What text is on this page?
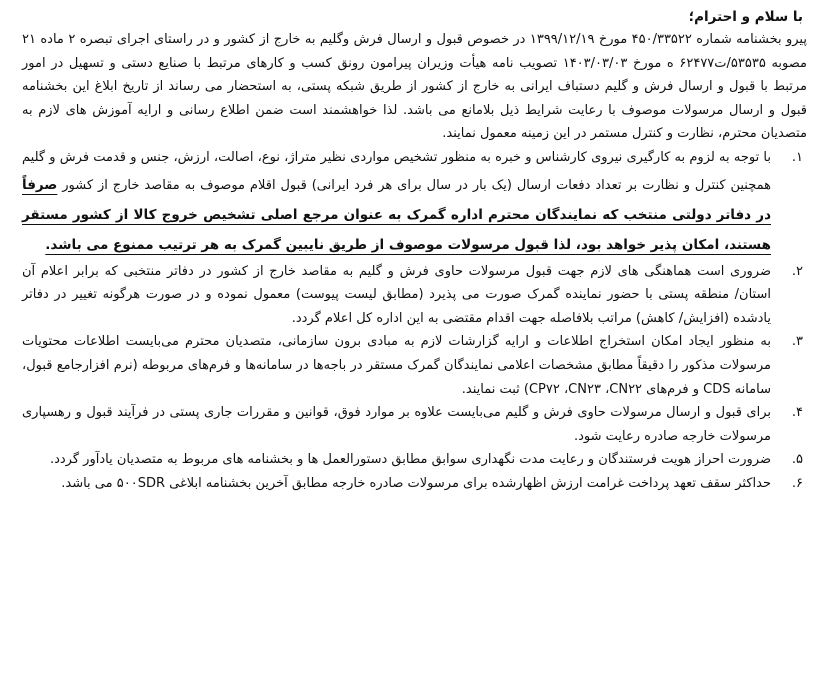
با سلام و احترام؛

پیرو بخشنامه شماره ۴۵۰/۳۳۵۲۲ مورخ ۱۳۹۹/۱۲/۱۹ در خصوص قبول و ارسال فرش وگلیم به خارج از کشور و در راستای اجرای تبصره ۲ ماده ۲۱ مصوبه ۵۳۵۳۵/ت۶۲۴۷۷ ه مورخ ۱۴۰۳/۰۳/۰۳ تصویب نامه هیأت وزیران پیرامون رونق کسب و کارهای مرتبط با صنایع دستی و تسهیل در امور مرتبط با قبول و ارسال فرش و گلیم دستباف ایرانی به خارج از کشور از طریق شبکه پستی، به استحضار می رساند از تاریخ ابلاغ این بخشنامه قبول و ارسال مرسولات موصوف با رعایت شرایط ذیل بلامانع می باشد. لذا خواهشمند است ضمن اطلاع رسانی و ارایه آموزش های لازم به متصدیان محترم، نظارت و کنترل مستمر در این زمینه معمول نمایند.

۱.
با توجه به لزوم به کارگیری نیروی کارشناس و خبره به منظور تشخیص مواردی نظیر متراژ، نوع، اصالت، ارزش، جنس و قدمت فرش و گلیم همچنین کنترل و نظارت بر تعداد دفعات ارسال (یک بار در سال برای هر فرد ایرانی) قبول اقلام موصوف به مقاصد خارج از کشور صرفاً در دفاتر دولتی منتخب که نمایندگان محترم اداره گمرک به عنوان مرجع اصلی تشخیص خروج کالا از کشور مستقر هستند، امکان پذیر خواهد بود، لذا قبول مرسولات موصوف از طریق نایبین گمرک به هر ترتیب ممنوع می باشد.
۲.
ضروری است هماهنگی های لازم جهت قبول مرسولات حاوی فرش و گلیم به مقاصد خارج از کشور در دفاتر منتخبی که برابر اعلام آن استان/ منطقه پستی با حضور نماینده گمرک صورت می پذیرد (مطابق لیست پیوست) معمول نموده و در صورت هرگونه تغییر در دفاتر یادشده (افزایش/ کاهش) مراتب بلافاصله جهت اقدام مقتضی به این اداره کل اعلام گردد.
۳.
به منظور ایجاد امکان استخراج اطلاعات و ارایه گزارشات لازم به مبادی برون سازمانی، متصدیان محترم می‌بایست اطلاعات محتویات مرسولات مذکور را دقیقاً مطابق مشخصات اعلامی نمایندگان گمرک مستقر در باجه‌ها در سامانه‌ها و فرم‌های مربوطه (نرم افزارجامع قبول، سامانه CDS و فرم‌های CP۷۲ ،CN۲۳ ،CN۲۲) ثبت نمایند.
۴.
برای قبول و ارسال مرسولات حاوی فرش و گلیم می‌بایست علاوه بر موارد فوق، قوانین و مقررات جاری پستی در فرآیند قبول و رهسپاری مرسولات خارجه صادره رعایت شود.
۵.
ضرورت احراز هویت فرستندگان و رعایت مدت نگهداری سوابق مطابق دستورالعمل ها و بخشنامه های مربوط به متصدیان یادآور گردد.
۶.
حداکثر سقف تعهد پرداخت غرامت ارزش اظهارشده برای مرسولات صادره خارجه مطابق آخرین بخشنامه ابلاغی ۵۰۰SDR می باشد.
